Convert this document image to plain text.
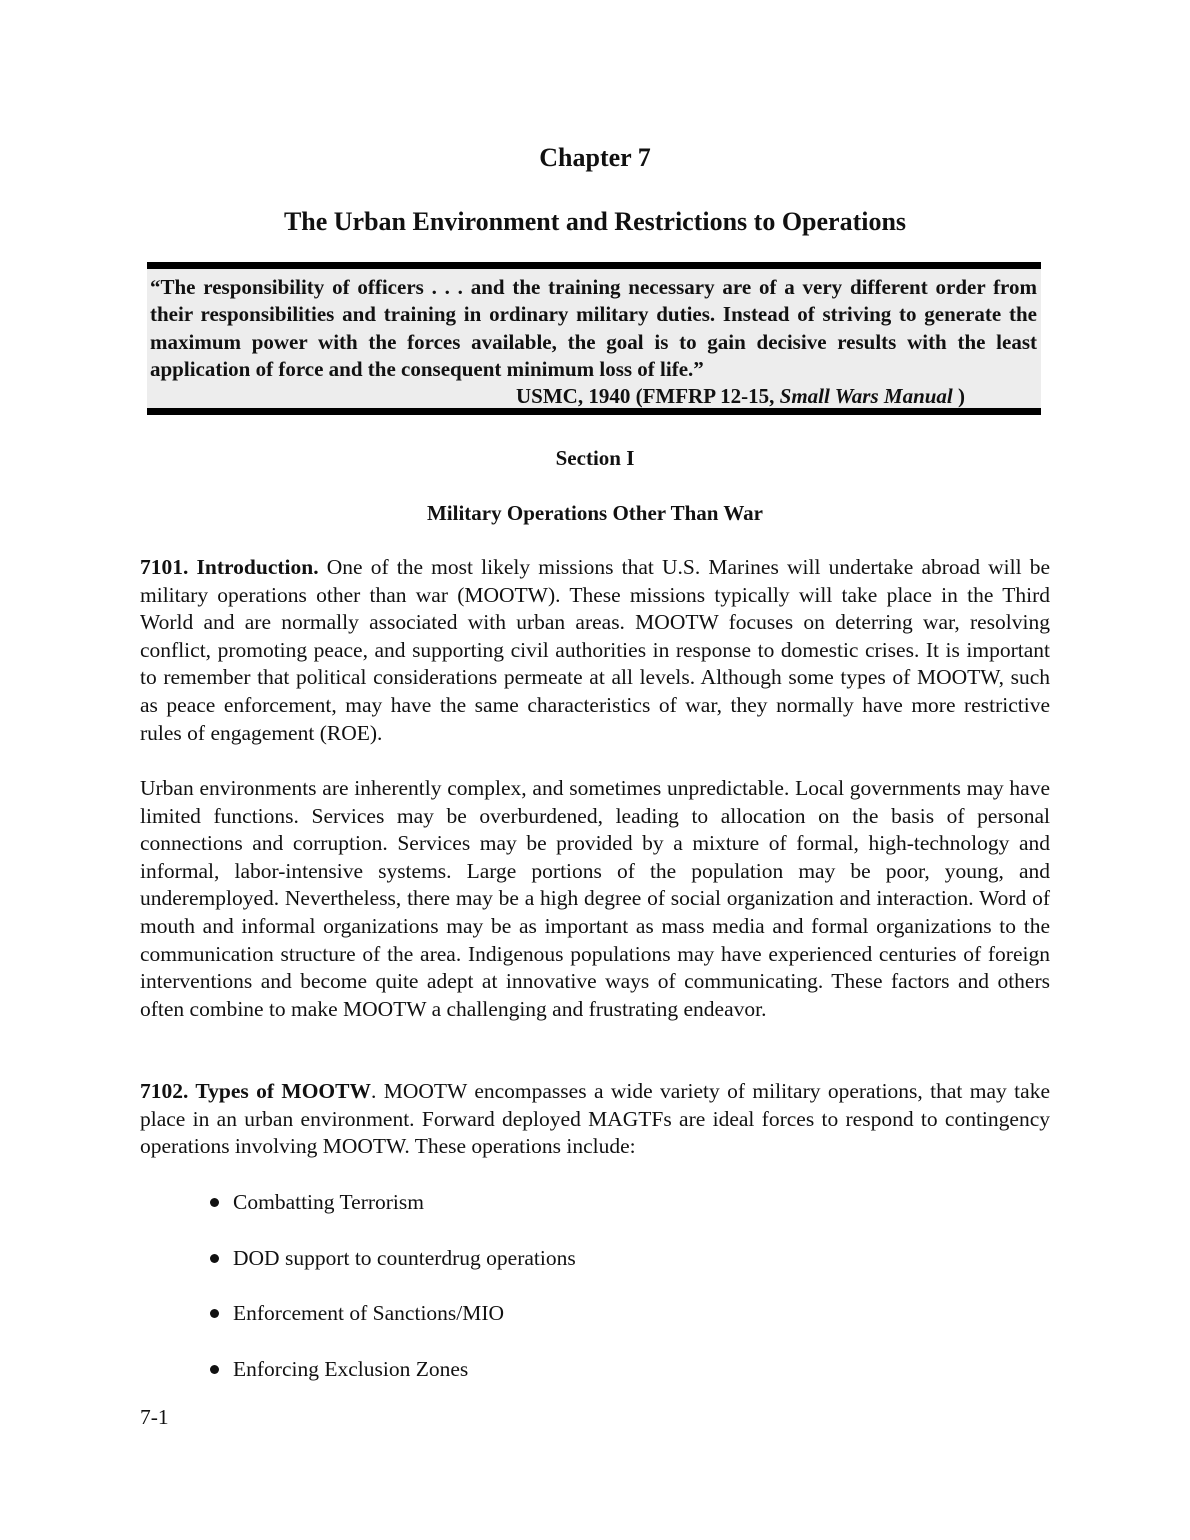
Chapter 7
The Urban Environment and Restrictions to Operations

“The responsibility of officers . . . and the training necessary are of a very different order from their responsibilities and training in ordinary military duties. Instead of striving to generate the maximum power with the forces available, the goal is to gain decisive results with the least application of force and the consequent minimum loss of life.”

USMC, 1940 (FMFRP 12-15, Small Wars Manual )

Section I
Military Operations Other Than War

7101. Introduction. One of the most likely missions that U.S. Marines will undertake abroad will be military operations other than war (MOOTW). These missions typically will take place in the Third World and are normally associated with urban areas. MOOTW focuses on deterring war, resolving conflict, promoting peace, and supporting civil authorities in response to domestic crises. It is important to remember that political considerations permeate at all levels. Although some types of MOOTW, such as peace enforcement, may have the same characteristics of war, they normally have more restrictive rules of engagement (ROE).

Urban environments are inherently complex, and sometimes unpredictable. Local governments may have limited functions. Services may be overburdened, leading to allocation on the basis of personal connections and corruption. Services may be provided by a mixture of formal, high-technology and informal, labor-intensive systems. Large portions of the population may be poor, young, and underemployed. Nevertheless, there may be a high degree of social organization and interaction. Word of mouth and informal organizations may be as important as mass media and formal organizations to the communication structure of the area. Indigenous populations may have experienced centuries of foreign interventions and become quite adept at innovative ways of communicating. These factors and others often combine to make MOOTW a challenging and frustrating endeavor.

7102. Types of MOOTW. MOOTW encompasses a wide variety of military operations, that may take place in an urban environment. Forward deployed MAGTFs are ideal forces to respond to contingency operations involving MOOTW. These operations include:

Combatting Terrorism
DOD support to counterdrug operations
Enforcement of Sanctions/MIO
Enforcing Exclusion Zones
7-1
